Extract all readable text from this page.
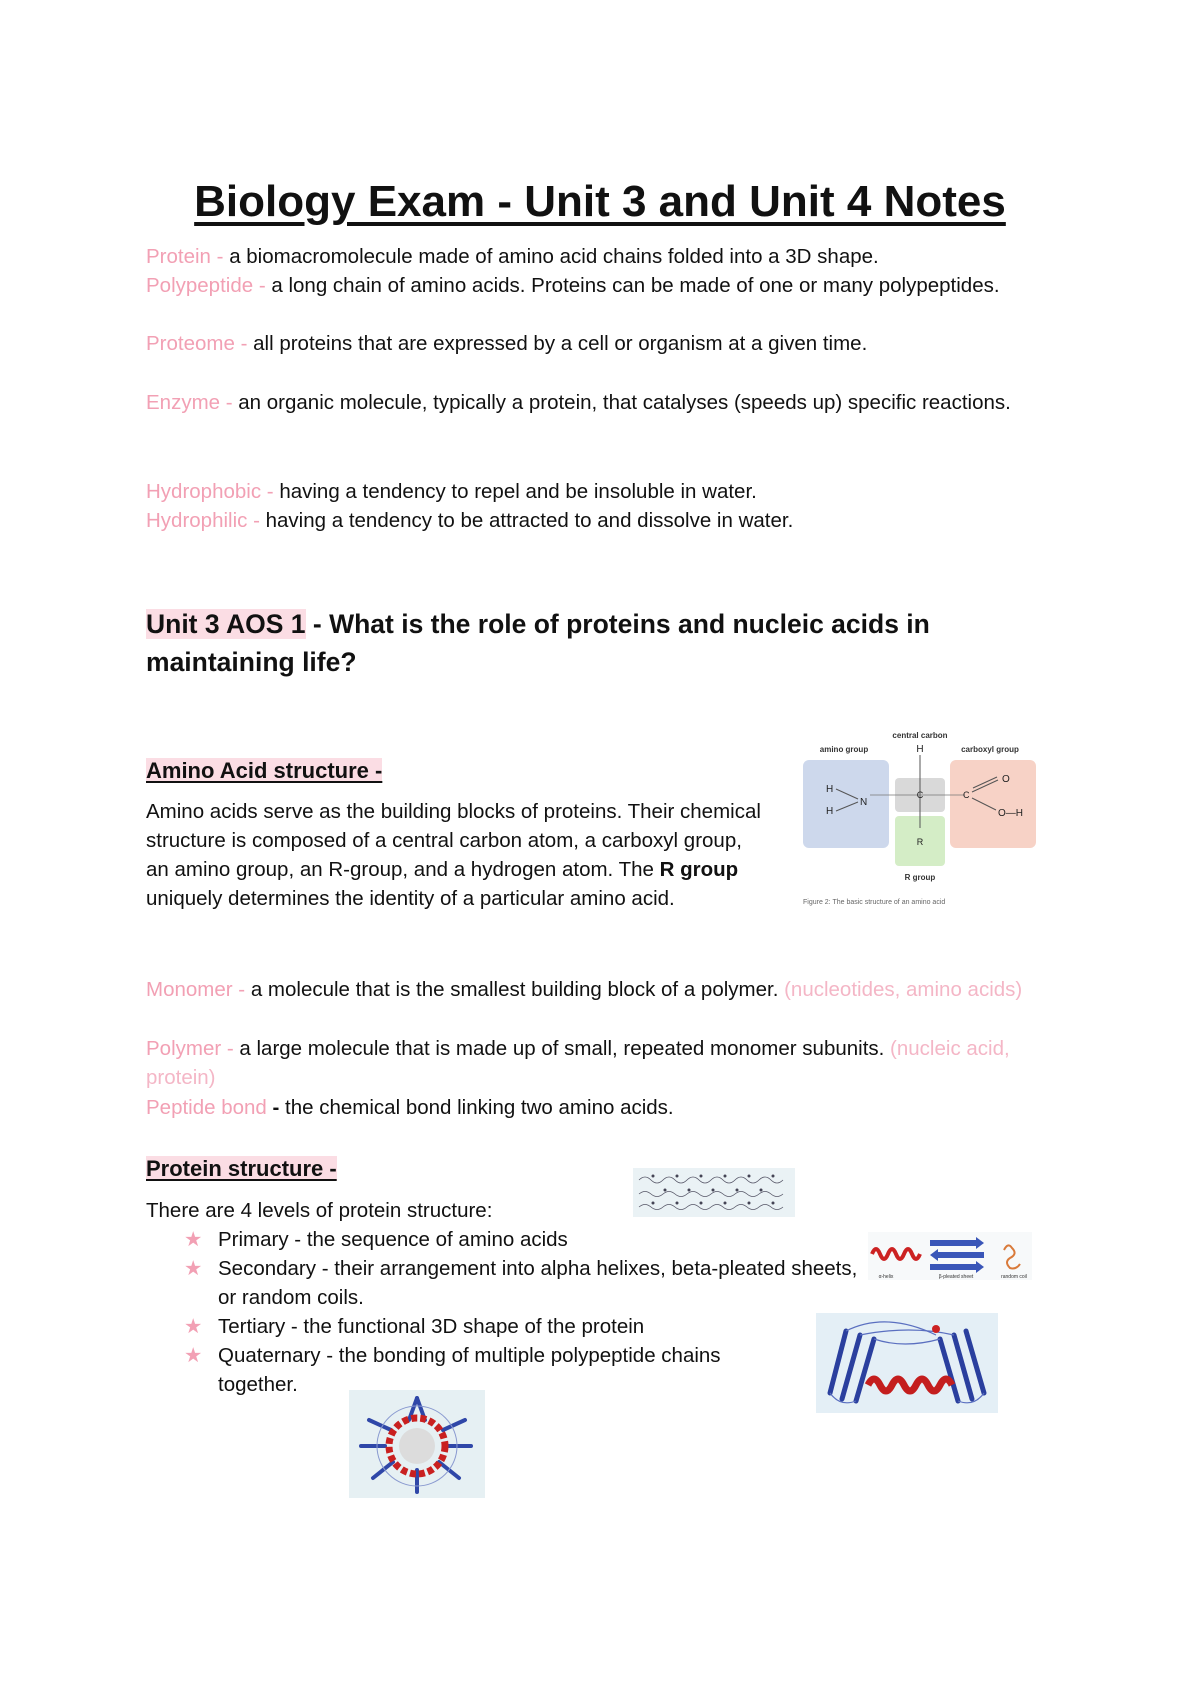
Biology Exam - Unit 3 and Unit 4 Notes

Protein - a biomacromolecule made of amino acid chains folded into a 3D shape.

Polypeptide - a long chain of amino acids. Proteins can be made of one or many polypeptides.

Proteome - all proteins that are expressed by a cell or organism at a given time.

Enzyme - an organic molecule, typically a protein, that catalyses (speeds up) specific reactions.

Hydrophobic - having a tendency to repel and be insoluble in water.

Hydrophilic - having a tendency to be attracted to and dissolve in water.

Unit 3 AOS 1 - What is the role of proteins and nucleic acids in maintaining life?
Amino Acid structure -

Amino acids serve as the building blocks of proteins. Their chemical structure is composed of a central carbon atom, a carboxyl group, an amino group, an R-group, and a hydrogen atom. The R group uniquely determines the identity of a particular amino acid.

central carbon
amino group	carboxyl group
H
C
H
H
N
C
O
O—H
R
R group
Figure 2: The basic structure of an amino acid

Monomer - a molecule that is the smallest building block of a polymer. (nucleotides, amino acids)

Polymer - a large molecule that is made up of small, repeated monomer subunits. (nucleic acid, protein)

Peptide bond - the chemical bond linking two amino acids.

Protein structure -

There are 4 levels of protein structure:

★ Primary - the sequence of amino acids
★ Secondary - their arrangement into alpha helixes, beta-pleated sheets, or random coils.
★ Tertiary - the functional 3D shape of the protein
★ Quaternary - the bonding of multiple polypeptide chains together.
α-helix	β-pleated sheet	random coil
